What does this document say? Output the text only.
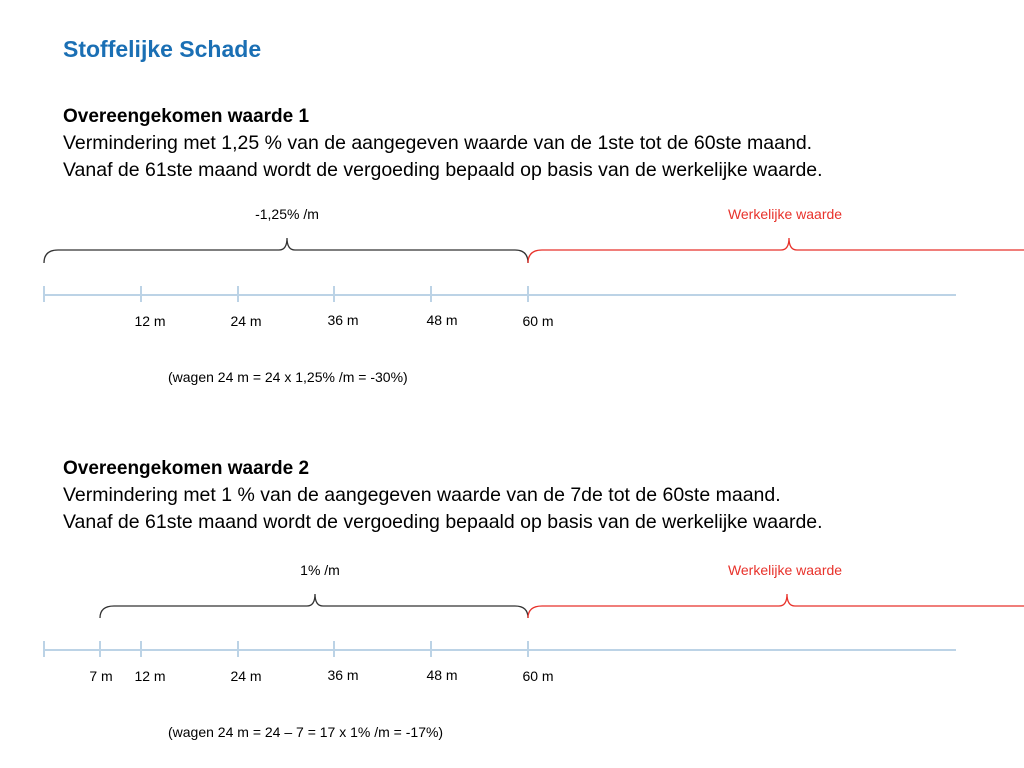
Stoffelijke Schade
Overeengekomen waarde 1
Vermindering met 1,25 % van de aangegeven waarde van de 1ste tot de 60ste maand.
Vanaf de 61ste maand wordt de vergoeding bepaald op basis van de werkelijke waarde.
Overeengekomen waarde 2
Vermindering met 1 % van de aangegeven waarde van de 7de tot de 60ste maand.
Vanaf de 61ste maand wordt de vergoeding bepaald op basis van de werkelijke waarde.
-1,25% /m	Werkelijke waarde
12 m	24 m	36 m	48 m	60 m
(wagen 24 m = 24 x 1,25% /m = -30%)
1% /m	Werkelijke waarde
7 m 12 m	24 m	36 m	48 m	60 m
(wagen 24 m = 24 – 7 = 17 x 1% /m = -17%)
